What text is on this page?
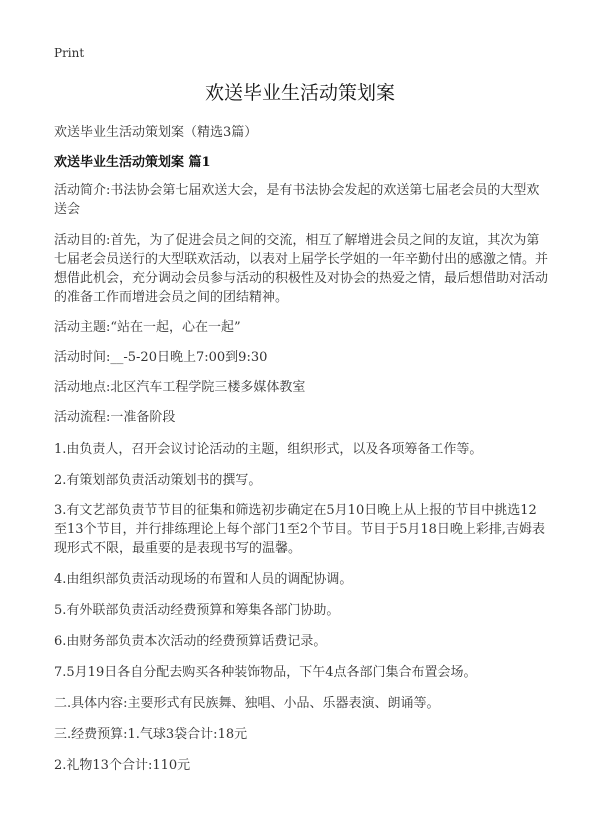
Print
欢送毕业生活动策划案
欢送毕业生活动策划案（精选3篇）
欢送毕业生活动策划案 篇1

活动简介:书法协会第七届欢送大会，是有书法协会发起的欢送第七届老会员的大型欢送会

活动目的:首先，为了促进会员之间的交流，相互了解增进会员之间的友谊，其次为第七届老会员送行的大型联欢活动，以表对上届学长学姐的一年辛勤付出的感激之情。并想借此机会，充分调动会员参与活动的积极性及对协会的热爱之情，最后想借助对活动的准备工作而增进会员之间的团结精神。

活动主题:“站在一起，心在一起”

活动时间:__-5-20日晚上7:00到9:30

活动地点:北区汽车工程学院三楼多媒体教室

活动流程:一准备阶段

1.由负责人，召开会议讨论活动的主题，组织形式，以及各项筹备工作等。

2.有策划部负责活动策划书的撰写。

3.有文艺部负责节节目的征集和筛选初步确定在5月10日晚上从上报的节目中挑选12至13个节目，并行排练理论上每个部门1至2个节目。节目于5月18日晚上彩排,吉姆表现形式不限，最重要的是表现书写的温馨。

4.由组织部负责活动现场的布置和人员的调配协调。

5.有外联部负责活动经费预算和筹集各部门协助。

6.由财务部负责本次活动的经费预算话费记录。

7.5月19日各自分配去购买各种装饰物品，下午4点各部门集合布置会场。

二.具体内容:主要形式有民族舞、独唱、小品、乐器表演、朗诵等。

三.经费预算:1.气球3袋合计:18元

2.礼物13个合计:110元
